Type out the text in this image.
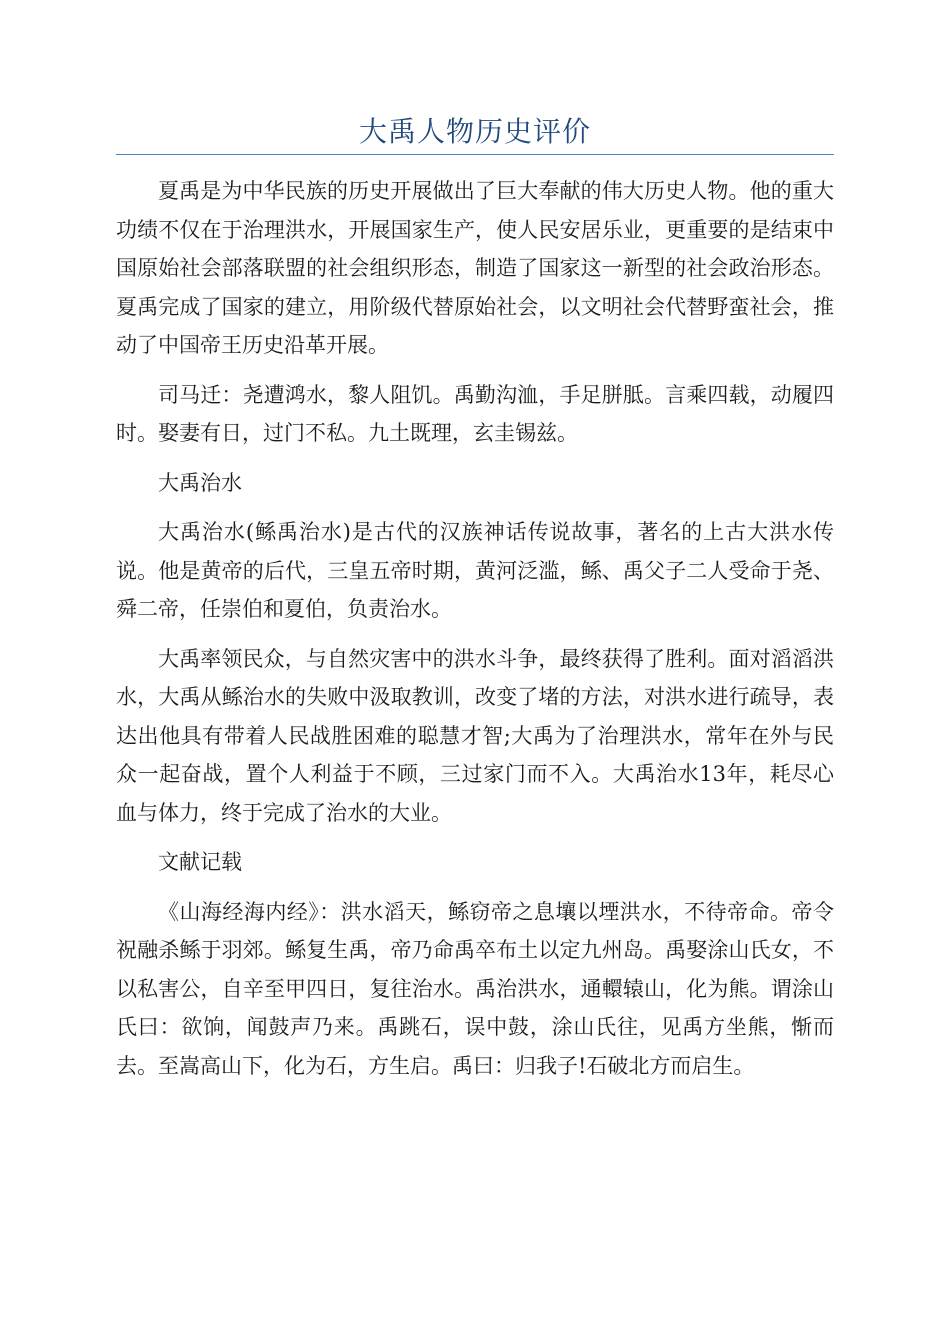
大禹人物历史评价

夏禹是为中华民族的历史开展做出了巨大奉献的伟大历史人物。他的重大功绩不仅在于治理洪水，开展国家生产，使人民安居乐业，更重要的是结束中国原始社会部落联盟的社会组织形态，制造了国家这一新型的社会政治形态。夏禹完成了国家的建立，用阶级代替原始社会，以文明社会代替野蛮社会，推动了中国帝王历史沿革开展。

司马迁：尧遭鸿水，黎人阻饥。禹勤沟洫，手足胼胝。言乘四载，动履四时。娶妻有日，过门不私。九土既理，玄圭锡兹。

大禹治水

大禹治水(鲧禹治水)是古代的汉族神话传说故事，著名的上古大洪水传说。他是黄帝的后代，三皇五帝时期，黄河泛滥，鲧、禹父子二人受命于尧、舜二帝，任崇伯和夏伯，负责治水。

大禹率领民众，与自然灾害中的洪水斗争，最终获得了胜利。面对滔滔洪水，大禹从鲧治水的失败中汲取教训，改变了堵的方法，对洪水进行疏导，表达出他具有带着人民战胜困难的聪慧才智;大禹为了治理洪水，常年在外与民众一起奋战，置个人利益于不顾，三过家门而不入。大禹治水13年，耗尽心血与体力，终于完成了治水的大业。

文献记载

《山海经海内经》：洪水滔天，鲧窃帝之息壤以堙洪水，不待帝命。帝令祝融杀鲧于羽郊。鲧复生禹，帝乃命禹卒布土以定九州岛。禹娶涂山氏女，不以私害公，自辛至甲四日，复往治水。禹治洪水，通轘辕山，化为熊。谓涂山氏曰：欲饷，闻鼓声乃来。禹跳石，误中鼓，涂山氏往，见禹方坐熊，惭而去。至嵩高山下，化为石，方生启。禹曰：归我子!石破北方而启生。
